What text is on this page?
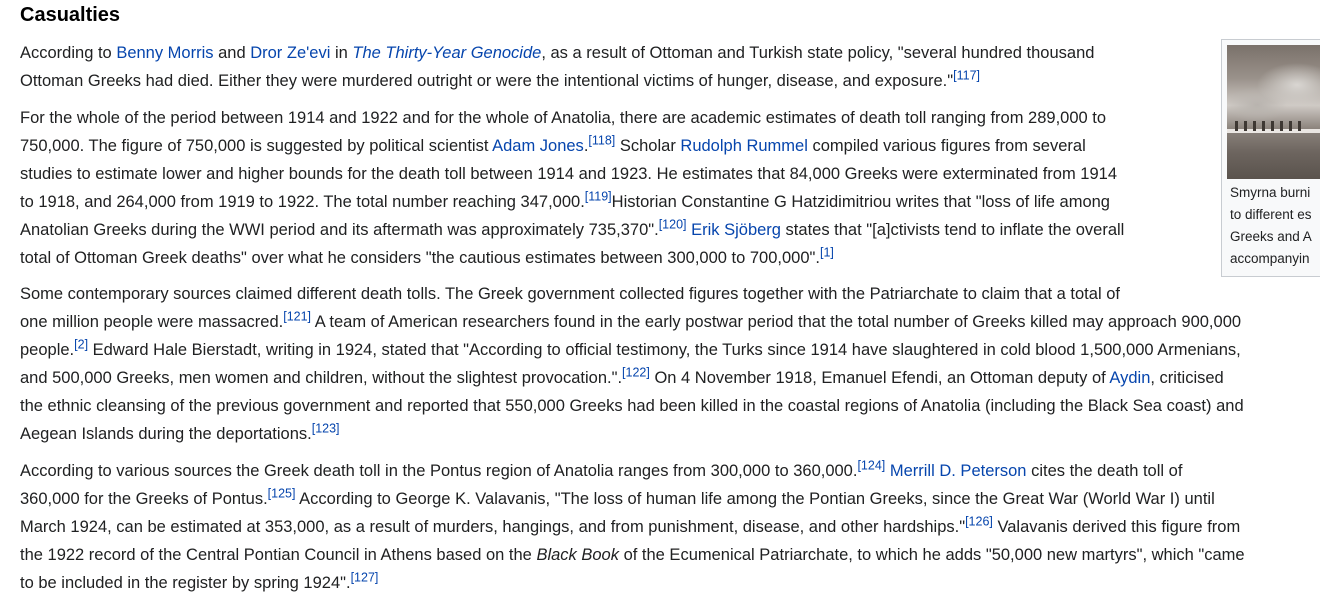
Casualties
Smyrna burni
to different es
Greeks and A
accompanyin

According to Benny Morris and Dror Ze'evi in The Thirty-Year Genocide, as a result of Ottoman and Turkish state policy, "several hundred thousand
Ottoman Greeks had died. Either they were murdered outright or were the intentional victims of hunger, disease, and exposure."[117]

For the whole of the period between 1914 and 1922 and for the whole of Anatolia, there are academic estimates of death toll ranging from 289,000 to
750,000. The figure of 750,000 is suggested by political scientist Adam Jones.[118] Scholar Rudolph Rummel compiled various figures from several
studies to estimate lower and higher bounds for the death toll between 1914 and 1923. He estimates that 84,000 Greeks were exterminated from 1914
to 1918, and 264,000 from 1919 to 1922. The total number reaching 347,000.[119]Historian Constantine G Hatzidimitriou writes that "loss of life among
Anatolian Greeks during the WWI period and its aftermath was approximately 735,370".[120] Erik Sjöberg states that "[a]ctivists tend to inflate the overall
total of Ottoman Greek deaths" over what he considers "the cautious estimates between 300,000 to 700,000".[1]

Some contemporary sources claimed different death tolls. The Greek government collected figures together with the Patriarchate to claim that a total of
one million people were massacred.[121] A team of American researchers found in the early postwar period that the total number of Greeks killed may approach 900,000
people.[2] Edward Hale Bierstadt, writing in 1924, stated that "According to official testimony, the Turks since 1914 have slaughtered in cold blood 1,500,000 Armenians,
and 500,000 Greeks, men women and children, without the slightest provocation.".[122] On 4 November 1918, Emanuel Efendi, an Ottoman deputy of Aydin, criticised
the ethnic cleansing of the previous government and reported that 550,000 Greeks had been killed in the coastal regions of Anatolia (including the Black Sea coast) and
Aegean Islands during the deportations.[123]

According to various sources the Greek death toll in the Pontus region of Anatolia ranges from 300,000 to 360,000.[124] Merrill D. Peterson cites the death toll of
360,000 for the Greeks of Pontus.[125] According to George K. Valavanis, "The loss of human life among the Pontian Greeks, since the Great War (World War I) until
March 1924, can be estimated at 353,000, as a result of murders, hangings, and from punishment, disease, and other hardships."[126] Valavanis derived this figure from
the 1922 record of the Central Pontian Council in Athens based on the Black Book of the Ecumenical Patriarchate, to which he adds "50,000 new martyrs", which "came
to be included in the register by spring 1924".[127]
